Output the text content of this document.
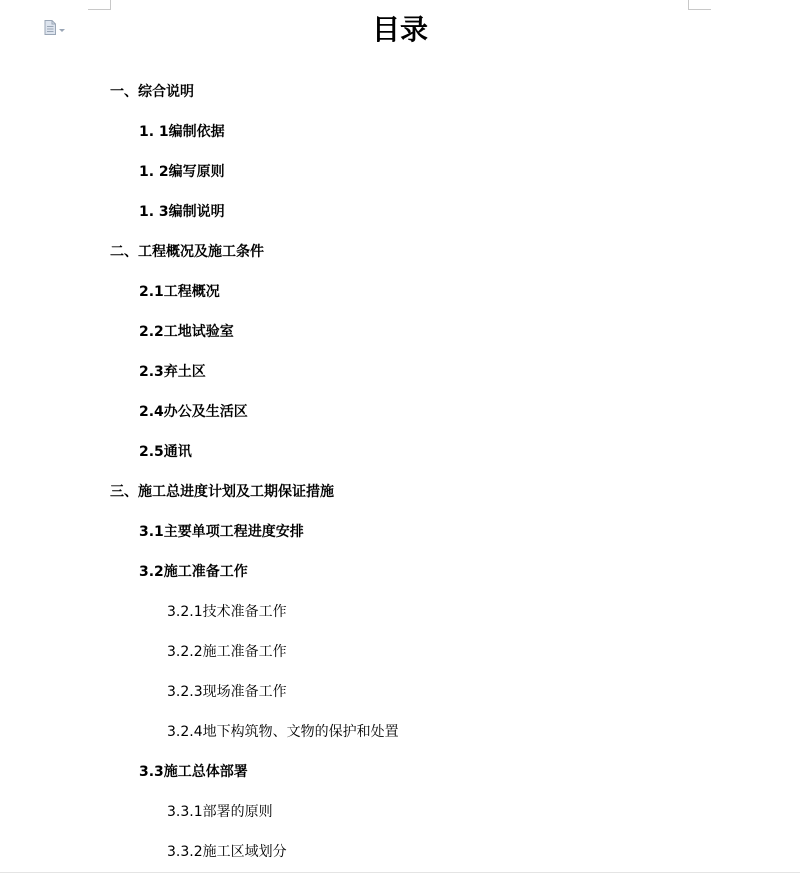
目录
一、综合说明
1. 1编制依据
1. 2编写原则
1. 3编制说明
二、工程概况及施工条件
2.1工程概况
2.2工地试验室
2.3弃土区
2.4办公及生活区
2.5通讯
三、施工总进度计划及工期保证措施
3.1主要单项工程进度安排
3.2施工准备工作
3.2.1技术准备工作
3.2.2施工准备工作
3.2.3现场准备工作
3.2.4地下构筑物、文物的保护和处置
3.3施工总体部署
3.3.1部署的原则
3.3.2施工区域划分
